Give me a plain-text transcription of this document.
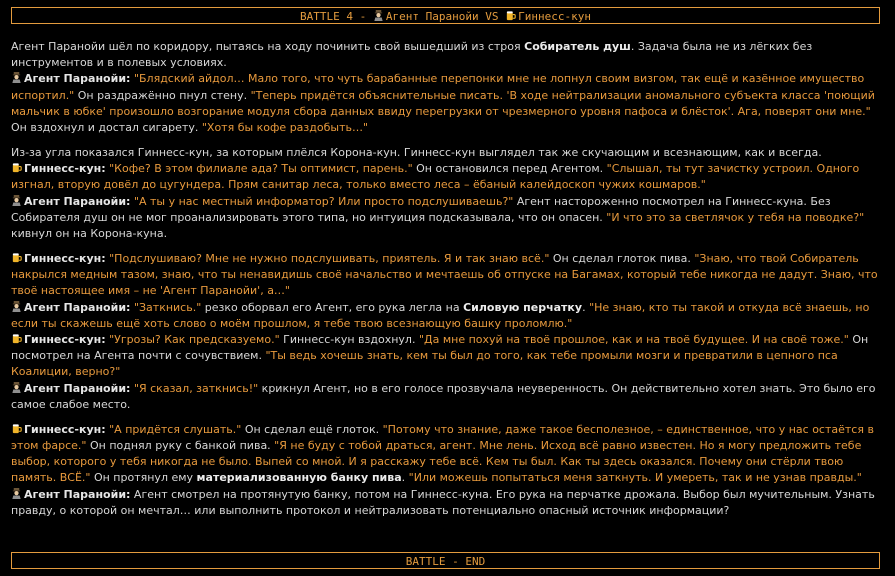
BATTLE 4 - Агент Паранойи VS Гиннесс-кун
Агент Паранойи шёл по коридору, пытаясь на ходу починить свой вышедший из строя Собиратель душ. Задача была не из лёгких без инструментов и в полевых условиях.
Агент Паранойи: "Блядский айдол… Мало того, что чуть барабанные перепонки мне не лопнул своим визгом, так ещё и казённое имущество испортил." Он раздражённо пнул стену. "Теперь придётся объяснительные писать. 'В ходе нейтрализации аномального субъекта класса 'поющий мальчик в юбке' произошло возгорание модуля сбора данных ввиду перегрузки от чрезмерного уровня пафоса и блёсток'. Ага, поверят они мне." Он вздохнул и достал сигарету. "Хотя бы кофе раздобыть…"
Из-за угла показался Гиннесс-кун, за которым плёлся Корона-кун. Гиннесс-кун выглядел так же скучающим и всезнающим, как и всегда.
Гиннесс-кун: "Кофе? В этом филиале ада? Ты оптимист, парень." Он остановился перед Агентом. "Слышал, ты тут зачистку устроил. Одного изгнал, вторую довёл до цугундера. Прям санитар леса, только вместо леса – ёбаный калейдоскоп чужих кошмаров."
Агент Паранойи: "А ты у нас местный информатор? Или просто подслушиваешь?" Агент настороженно посмотрел на Гиннесс-куна. Без Собирателя душ он не мог проанализировать этого типа, но интуиция подсказывала, что он опасен. "И что это за светлячок у тебя на поводке?" кивнул он на Корона-куна.
Гиннесс-кун: "Подслушиваю? Мне не нужно подслушивать, приятель. Я и так знаю всё." Он сделал глоток пива. "Знаю, что твой Собиратель накрылся медным тазом, знаю, что ты ненавидишь своё начальство и мечтаешь об отпуске на Багамах, который тебе никогда не дадут. Знаю, что твоё настоящее имя – не 'Агент Паранойи', а…"
Агент Паранойи: "Заткнись." резко оборвал его Агент, его рука легла на Силовую перчатку. "Не знаю, кто ты такой и откуда всё знаешь, но если ты скажешь ещё хоть слово о моём прошлом, я тебе твою всезнающую башку проломлю."
Гиннесс-кун: "Угрозы? Как предсказуемо." Гиннесс-кун вздохнул. "Да мне похуй на твоё прошлое, как и на твоё будущее. И на своё тоже." Он посмотрел на Агента почти с сочувствием. "Ты ведь хочешь знать, кем ты был до того, как тебе промыли мозги и превратили в цепного пса Коалиции, верно?"
Агент Паранойи: "Я сказал, заткнись!" крикнул Агент, но в его голосе прозвучала неуверенность. Он действительно хотел знать. Это было его самое слабое место.
Гиннесс-кун: "А придётся слушать." Он сделал ещё глоток. "Потому что знание, даже такое бесполезное, – единственное, что у нас остаётся в этом фарсе." Он поднял руку с банкой пива. "Я не буду с тобой драться, агент. Мне лень. Исход всё равно известен. Но я могу предложить тебе выбор, которого у тебя никогда не было. Выпей со мной. И я расскажу тебе всё. Кем ты был. Как ты здесь оказался. Почему они стёрли твою память. ВСЁ." Он протянул ему материализованную банку пива. "Или можешь попытаться меня заткнуть. И умереть, так и не узнав правды."
Агент Паранойи: Агент смотрел на протянутую банку, потом на Гиннесс-куна. Его рука на перчатке дрожала. Выбор был мучительным. Узнать правду, о которой он мечтал… или выполнить протокол и нейтрализовать потенциально опасный источник информации?
BATTLE - END
